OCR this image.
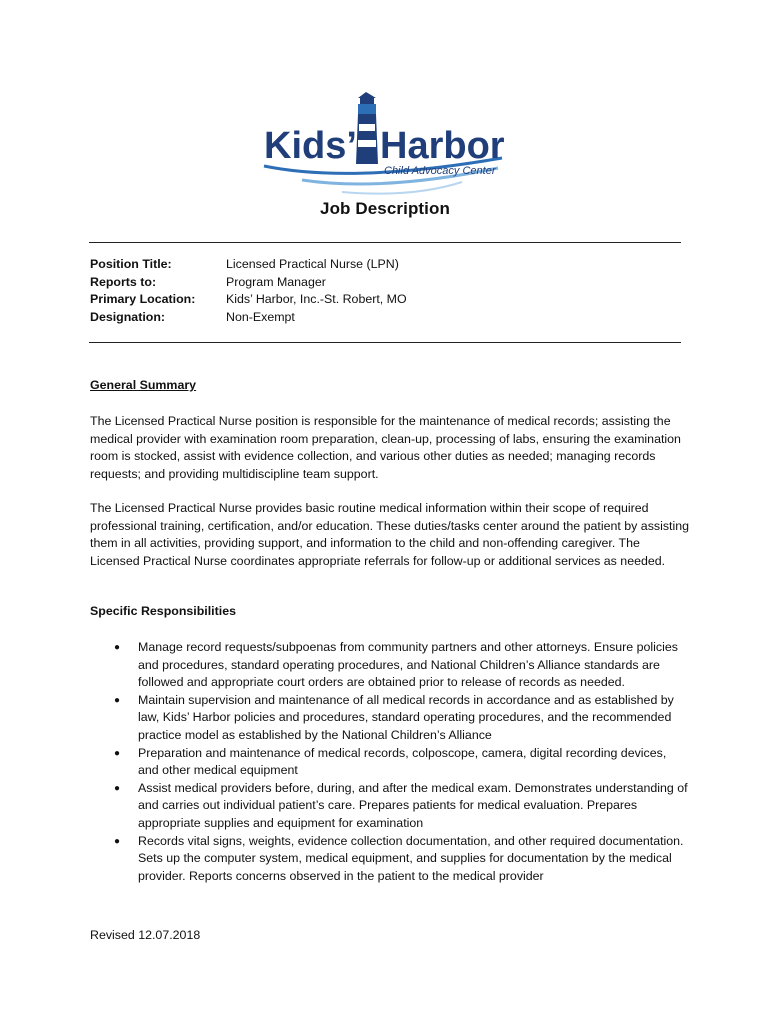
Kids’ Harbor
Child Advocacy Center
Job Description
Position Title:	Licensed Practical Nurse (LPN)
Reports to:	Program Manager
Primary Location:	Kids’ Harbor, Inc.-St. Robert, MO
Designation:	Non-Exempt
General Summary
The Licensed Practical Nurse position is responsible for the maintenance of medical records; assisting the medical provider with examination room preparation, clean-up, processing of labs, ensuring the examination room is stocked, assist with evidence collection, and various other duties as needed; managing records requests; and providing multidiscipline team support.
The Licensed Practical Nurse provides basic routine medical information within their scope of required professional training, certification, and/or education. These duties/tasks center around the patient by assisting them in all activities, providing support, and information to the child and non-offending caregiver. The Licensed Practical Nurse coordinates appropriate referrals for follow-up or additional services as needed.
Specific Responsibilities
●	Manage record requests/subpoenas from community partners and other attorneys. Ensure policies and procedures, standard operating procedures, and National Children’s Alliance standards are followed and appropriate court orders are obtained prior to release of records as needed.
●	Maintain supervision and maintenance of all medical records in accordance and as established by law, Kids’ Harbor policies and procedures, standard operating procedures, and the recommended practice model as established by the National Children’s Alliance
●	Preparation and maintenance of medical records, colposcope, camera, digital recording devices, and other medical equipment
●	Assist medical providers before, during, and after the medical exam. Demonstrates understanding of and carries out individual patient’s care. Prepares patients for medical evaluation. Prepares appropriate supplies and equipment for examination
●	Records vital signs, weights, evidence collection documentation, and other required documentation. Sets up the computer system, medical equipment, and supplies for documentation by the medical provider. Reports concerns observed in the patient to the medical provider
Revised 12.07.2018
